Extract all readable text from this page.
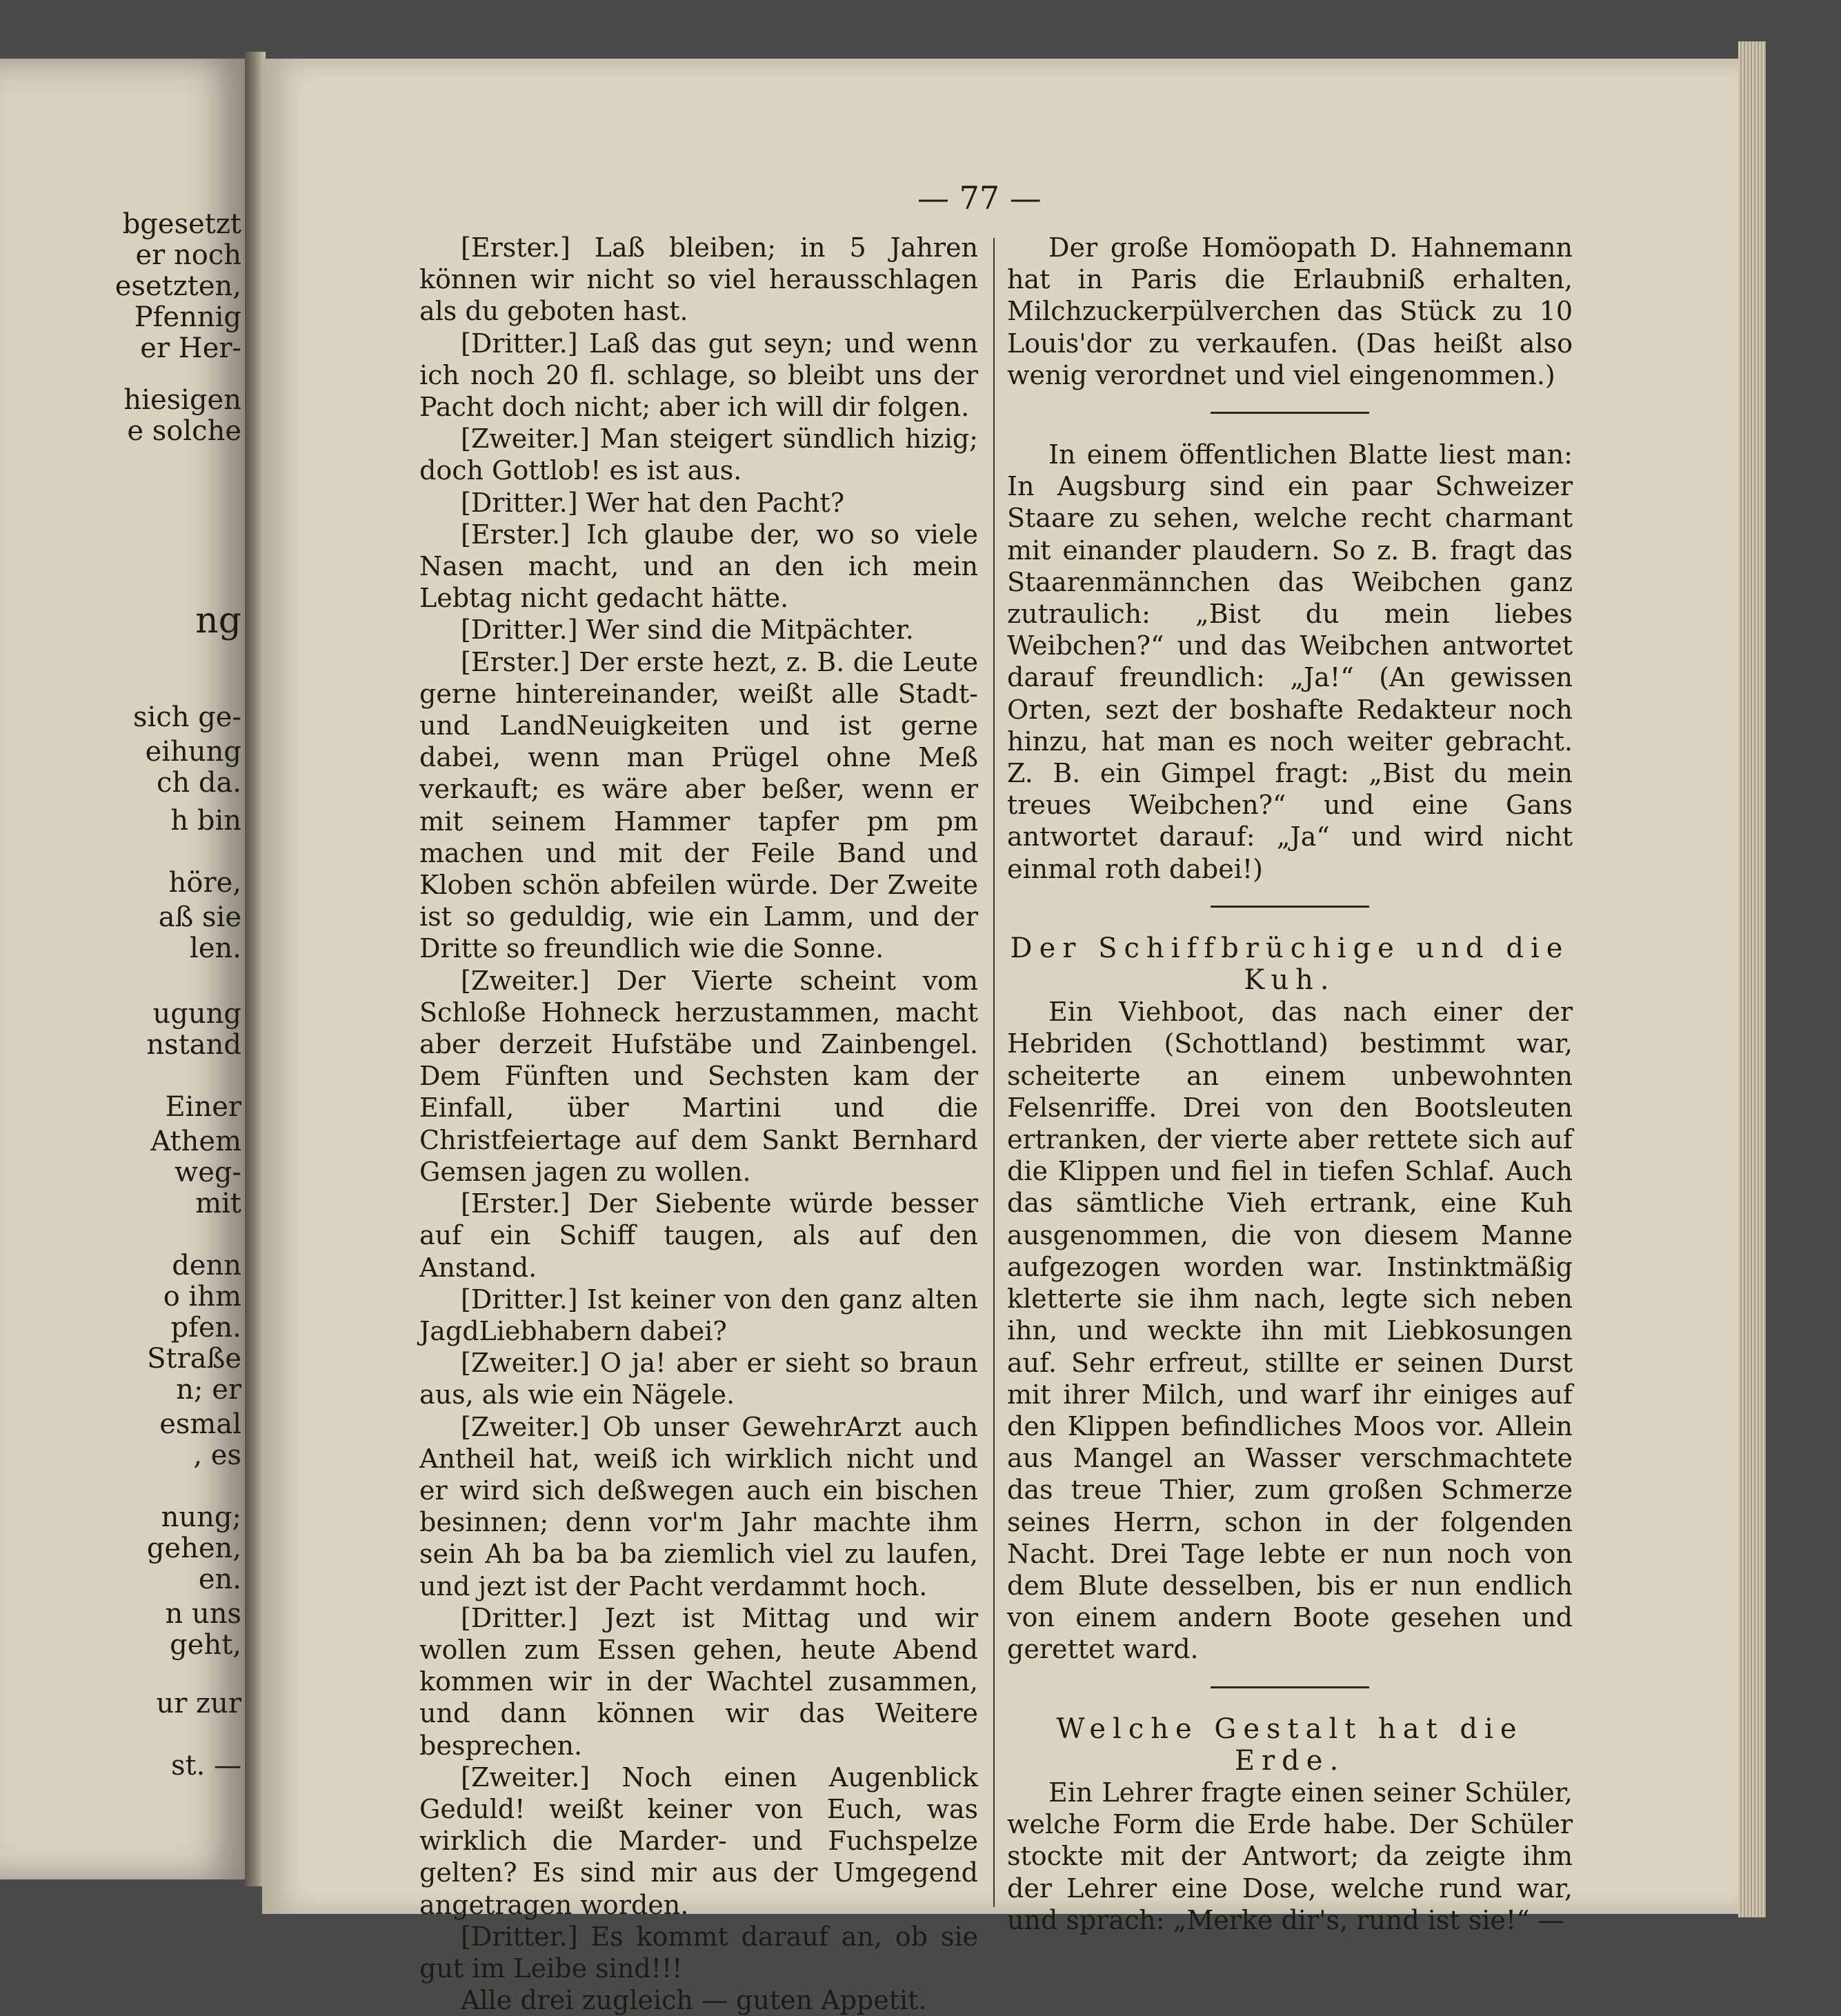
bgesetzt
er noch
esetzten,
Pfennig
er Her-
hiesigen
e solche
ng
sich ge-
eihung
ch da.
h bin
höre,
aß sie
len.
ugung
nstand
Einer
Athem
weg-
mit
denn
o ihm
pfen.
Straße
n; er
esmal
, es
nung;
gehen,
en.
n uns
geht,
ur zur
st. —
— 77 —

[Erster.] Laß bleiben; in 5 Jahren können wir nicht so viel herausschlagen als du geboten hast.

[Dritter.] Laß das gut seyn; und wenn ich noch 20 fl. schlage, so bleibt uns der Pacht doch nicht; aber ich will dir folgen.

[Zweiter.] Man steigert sündlich hizig; doch Gottlob! es ist aus.

[Dritter.] Wer hat den Pacht?

[Erster.] Ich glaube der, wo so viele Nasen macht, und an den ich mein Lebtag nicht gedacht hätte.

[Dritter.] Wer sind die Mitpächter.

[Erster.] Der erste hezt, z. B. die Leute gerne hintereinander, weißt alle Stadt- und LandNeuigkeiten und ist gerne dabei, wenn man Prügel ohne Meß verkauft; es wäre aber beßer, wenn er mit seinem Hammer tapfer pm pm machen und mit der Feile Band und Kloben schön abfeilen würde. Der Zweite ist so geduldig, wie ein Lamm, und der Dritte so freundlich wie die Sonne.

[Zweiter.] Der Vierte scheint vom Schloße Hohneck herzustammen, macht aber derzeit Hufstäbe und Zainbengel. Dem Fünften und Sechsten kam der Einfall, über Martini und die Christfeiertage auf dem Sankt Bernhard Gemsen jagen zu wollen.

[Erster.] Der Siebente würde besser auf ein Schiff taugen, als auf den Anstand.

[Dritter.] Ist keiner von den ganz alten JagdLiebhabern dabei?

[Zweiter.] O ja! aber er sieht so braun aus, als wie ein Nägele.

[Zweiter.] Ob unser GewehrArzt auch Antheil hat, weiß ich wirklich nicht und er wird sich deßwegen auch ein bischen besinnen; denn vor'm Jahr machte ihm sein Ah ba ba ba ziemlich viel zu laufen, und jezt ist der Pacht verdammt hoch.

[Dritter.] Jezt ist Mittag und wir wollen zum Essen gehen, heute Abend kommen wir in der Wachtel zusammen, und dann können wir das Weitere besprechen.

[Zweiter.] Noch einen Augenblick Geduld! weißt keiner von Euch, was wirklich die Marder- und Fuchspelze gelten? Es sind mir aus der Umgegend angetragen worden.

[Dritter.] Es kommt darauf an, ob sie gut im Leibe sind!!!

Alle drei zugleich — guten Appetit.

Der große Homöopath D. Hahnemann hat in Paris die Erlaubniß erhalten, Milchzuckerpülverchen das Stück zu 10 Louis'dor zu verkaufen. (Das heißt also wenig verordnet und viel eingenommen.)

In einem öffentlichen Blatte liest man: In Augsburg sind ein paar Schweizer Staare zu sehen, welche recht charmant mit einander plaudern. So z. B. fragt das Staarenmännchen das Weibchen ganz zutraulich: „Bist du mein liebes Weibchen?“ und das Weibchen antwortet darauf freundlich: „Ja!“ (An gewissen Orten, sezt der boshafte Redakteur noch hinzu, hat man es noch weiter gebracht. Z. B. ein Gimpel fragt: „Bist du mein treues Weibchen?“ und eine Gans antwortet darauf: „Ja“ und wird nicht einmal roth dabei!)

Der Schiffbrüchige und die Kuh.

Ein Viehboot, das nach einer der Hebriden (Schottland) bestimmt war, scheiterte an einem unbewohnten Felsenriffe. Drei von den Bootsleuten ertranken, der vierte aber rettete sich auf die Klippen und fiel in tiefen Schlaf. Auch das sämtliche Vieh ertrank, eine Kuh ausgenommen, die von diesem Manne aufgezogen worden war. Instinktmäßig kletterte sie ihm nach, legte sich neben ihn, und weckte ihn mit Liebkosungen auf. Sehr erfreut, stillte er seinen Durst mit ihrer Milch, und warf ihr einiges auf den Klippen befindliches Moos vor. Allein aus Mangel an Wasser verschmachtete das treue Thier, zum großen Schmerze seines Herrn, schon in der folgenden Nacht. Drei Tage lebte er nun noch von dem Blute desselben, bis er nun endlich von einem andern Boote gesehen und gerettet ward.

Welche Gestalt hat die Erde.

Ein Lehrer fragte einen seiner Schüler, welche Form die Erde habe. Der Schüler stockte mit der Antwort; da zeigte ihm der Lehrer eine Dose, welche rund war, und sprach: „Merke dir's, rund ist sie!“ —
